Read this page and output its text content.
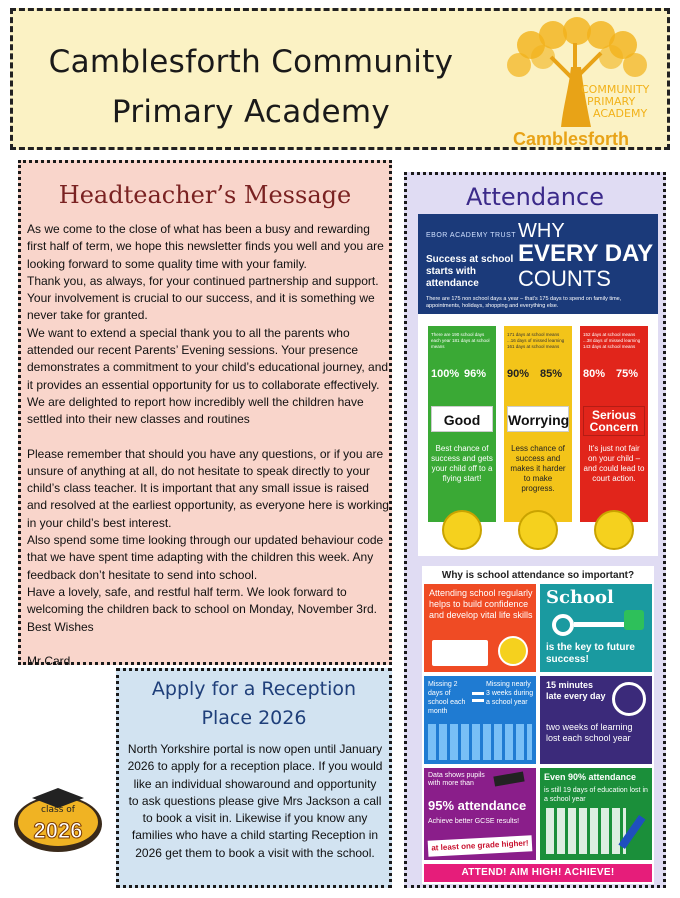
Camblesforth Community
Primary Academy
COMMUNITY
PRIMARY
ACADEMY
Camblesforth
Headteacher’s Message

As we come to the close of what has been a busy and rewarding first half of term, we hope this newsletter finds you well and you are looking forward to some quality time with your family.

Thank you, as always, for your continued partnership and support. Your involvement is crucial to our success, and it is something we never take for granted.

We want to extend a special thank you to all the parents who attended our recent Parents’ Evening sessions. Your presence demonstrates a commitment to your child’s educational journey, and it provides an essential opportunity for us to collaborate effectively. We are delighted to report how incredibly well the children have settled into their new classes and routines

Please remember that should you have any questions, or if you are unsure of anything at all, do not hesitate to speak directly to your child’s class teacher. It is important that any small issue is raised and resolved at the earliest opportunity, as everyone here is working in your child’s best interest.

Also spend some time looking through our updated behaviour code that we have spent time adapting with the children this week. Any feedback don’t hesitate to send into school.

Have a lovely, safe, and restful half term. We look forward to welcoming the children back to school on Monday, November 3rd.

Best Wishes

Mr Card

Apply for a Reception
Place 2026
North Yorkshire portal is now open until January 2026 to apply for a reception place. If you would like an individual showaround and opportunity to ask questions please give Mrs Jackson a call to book a visit in. Likewise if you know any families who have a child starting Reception in 2026 get them to book a visit with the school.
class of
2026
Attendance
EBOR ACADEMY TRUST
Success at school starts with attendance
WHY
EVERY DAY
COUNTS
There are 175 non school days a year – that’s 175 days to spend on family time, appointments, holidays, shopping and everything else.
There are 190 school days each year 181 days at school means
100% 96%
Good
Best chance of success and gets your child off to a flying start!
171 days at school means ...16 days of missed learning 161 days at school means
90% 85%
Worrying
Less chance of success and makes it harder to make progress.
152 days at school means ...38 days of missed learning 143 days at school means
80% 75%
Serious Concern
It’s just not fair on your child – and could lead to court action.
Why is school attendance so important?
Attending school regularly helps to build confidence and develop vital life skills
School
is the key to future success!
Missing 2 days of school each month
Missing nearly 3 weeks during a school year
15 minutes late every day
two weeks of learning lost each school year
Data shows pupils with more than
95% attendance
Achieve better GCSE results!
at least one grade higher!
Even 90% attendance
is still 19 days of education lost in a school year
ATTEND! AIM HIGH! ACHIEVE!
